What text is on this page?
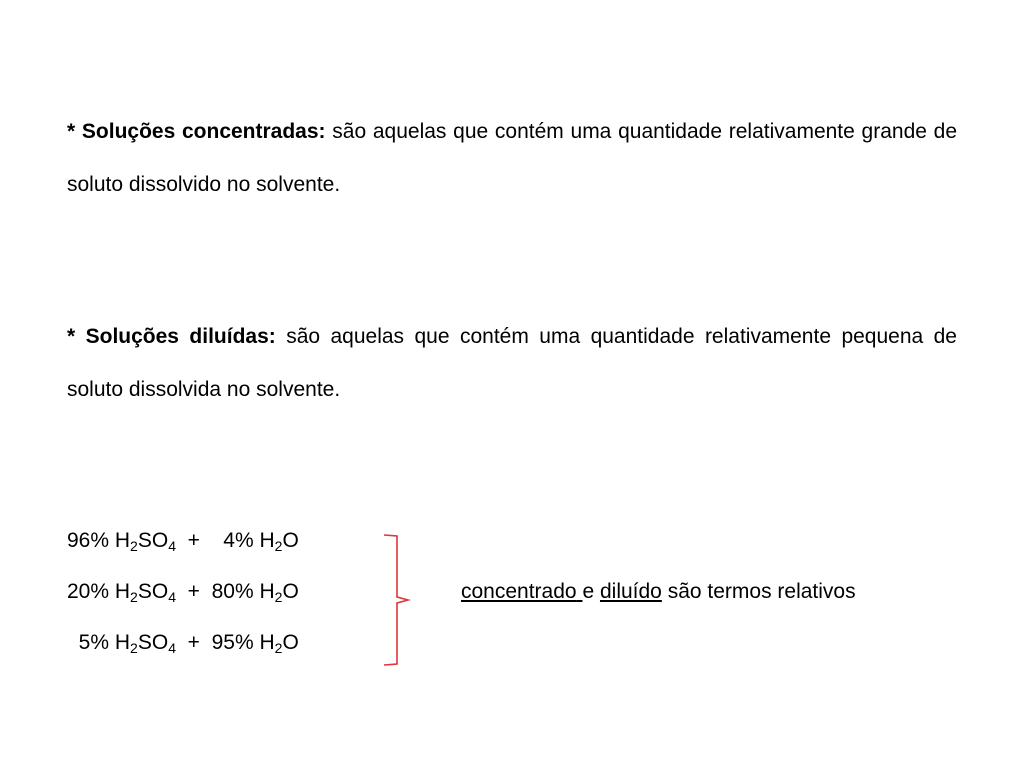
* Soluções concentradas: são aquelas que contém uma quantidade relativamente grande de soluto dissolvido no solvente.
* Soluções diluídas: são aquelas que contém uma quantidade relativamente pequena de soluto dissolvida no solvente.
96% $H_2SO_4 + 4\%$ $H_2O$
20% $H_2SO_4 + 80\%$ $H_2O$
5% $H_2SO_4 + 95\%$ $H_2O$
concentrado e diluído são termos relativos
